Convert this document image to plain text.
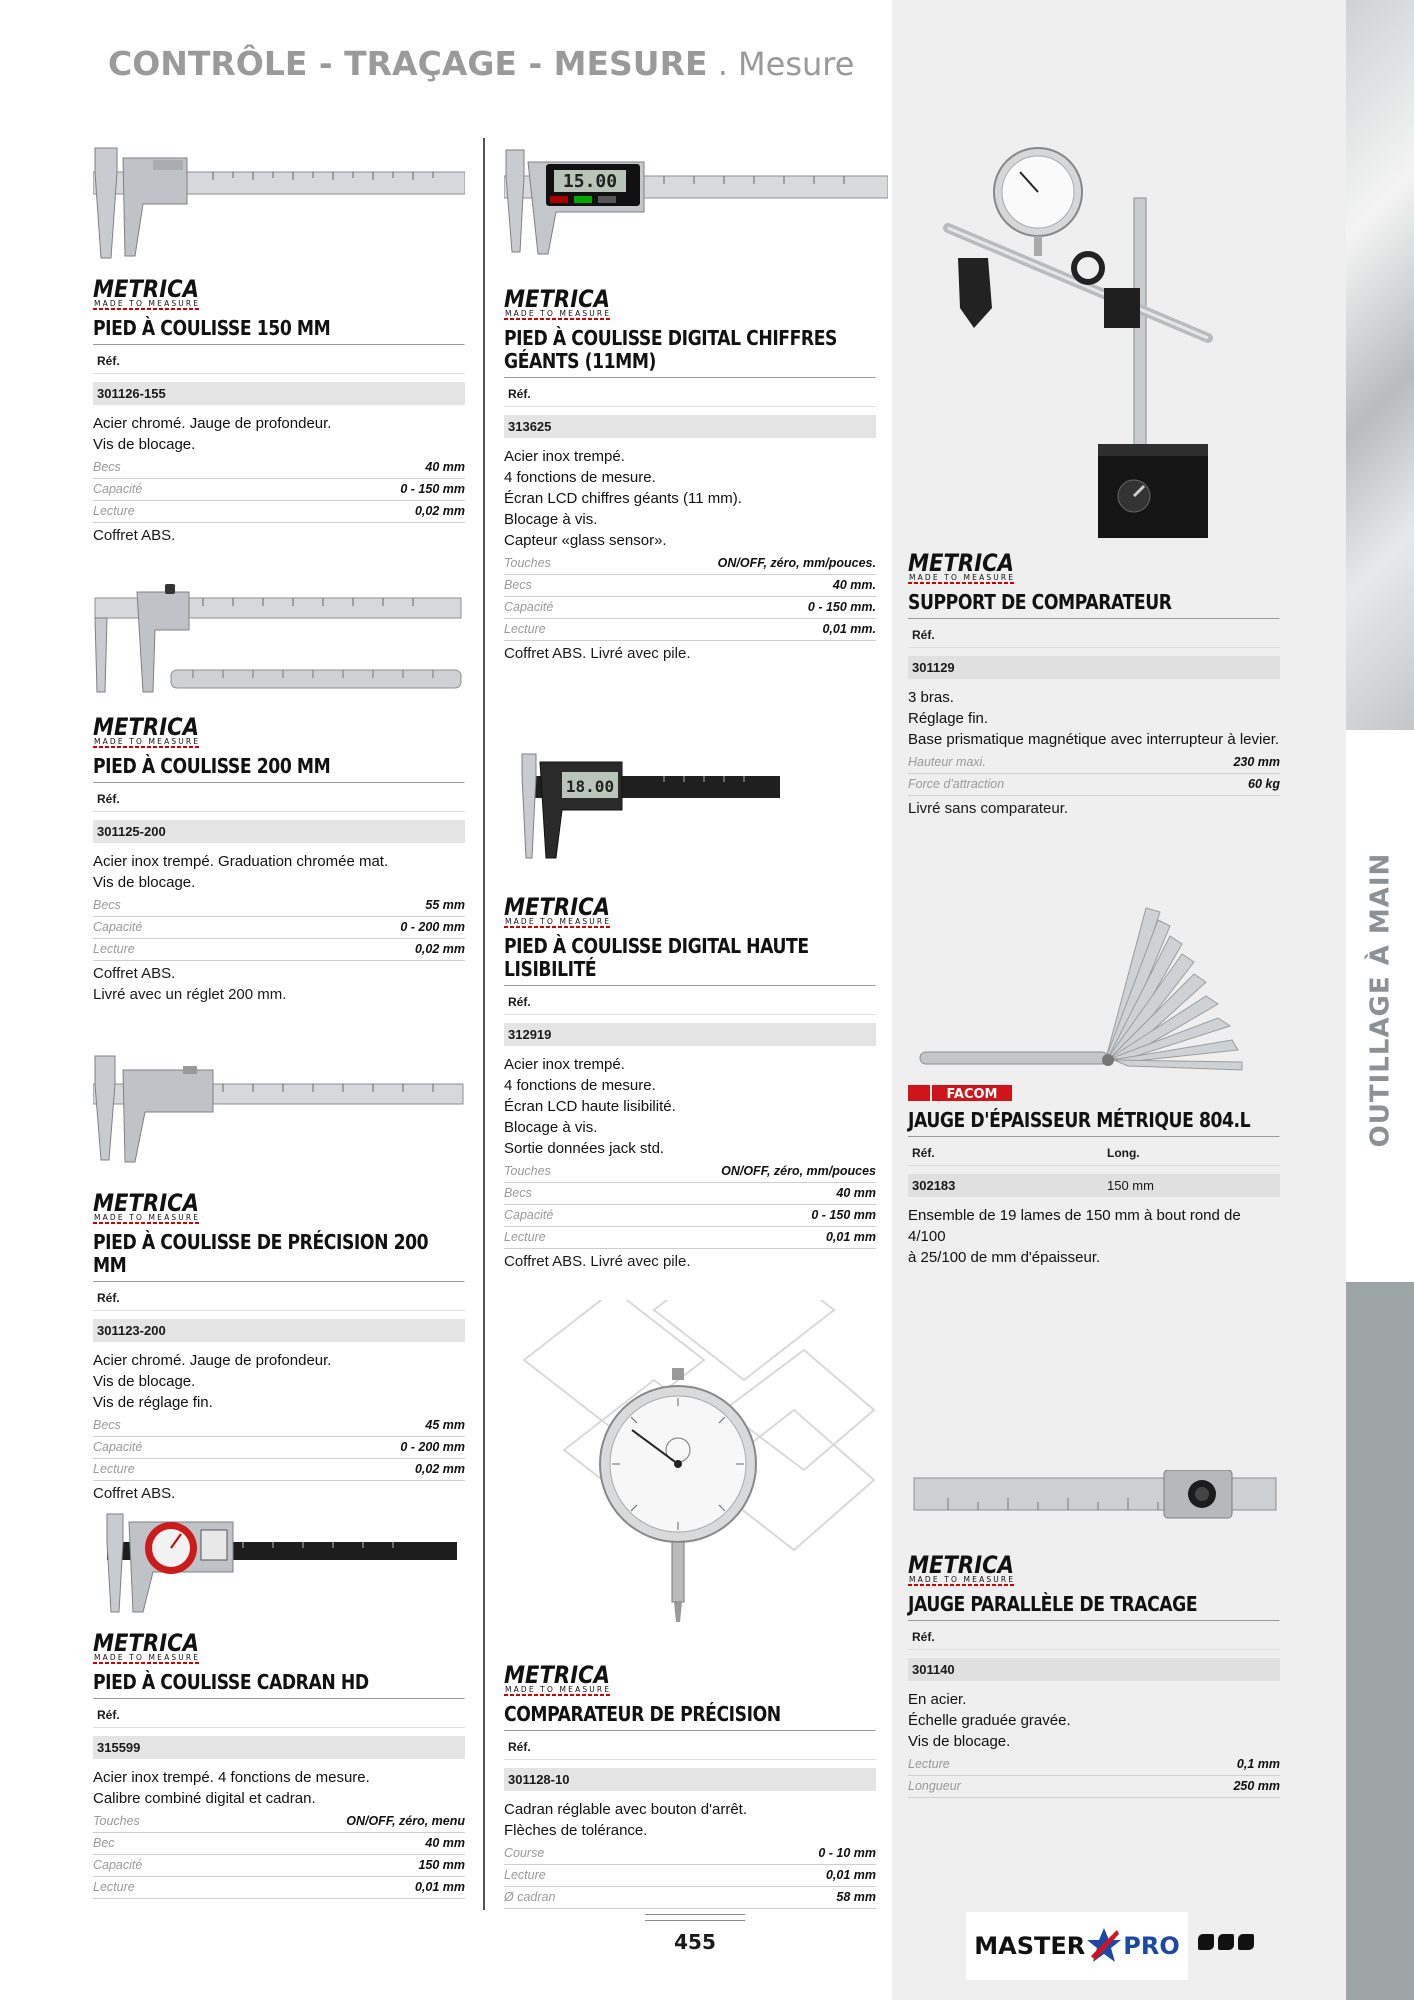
OUTILLAGE À MAIN
CONTRÔLE - TRAÇAGE - MESURE . Mesure
PIED À COULISSE 150 MM
Réf.
301126-155
Acier chromé. Jauge de profondeur.
Vis de blocage.
Becs	40 mm
Capacité	0 - 150 mm
Lecture	0,02 mm
Coffret ABS.
PIED À COULISSE 200 MM
Réf.
301125-200
Acier inox trempé. Graduation chromée mat.
Vis de blocage.
Becs	55 mm
Capacité	0 - 200 mm
Lecture	0,02 mm
Coffret ABS.
Livré avec un réglet 200 mm.
PIED À COULISSE DE PRÉCISION 200 MM
Réf.
301123-200
Acier chromé. Jauge de profondeur.
Vis de blocage.
Vis de réglage fin.
Becs	45 mm
Capacité	0 - 200 mm
Lecture	0,02 mm
Coffret ABS.
PIED À COULISSE CADRAN HD
Réf.
315599
Acier inox trempé. 4 fonctions de mesure.
Calibre combiné digital et cadran.
Touches	ON/OFF, zéro, menu
Bec	40 mm
Capacité	150 mm
Lecture	0,01 mm
15.00
PIED À COULISSE DIGITAL CHIFFRES GÉANTS (11MM)
Réf.
313625
Acier inox trempé.
4 fonctions de mesure.
Écran LCD chiffres géants (11 mm).
Blocage à vis.
Capteur «glass sensor».
Touches	ON/OFF, zéro, mm/pouces.
Becs	40 mm.
Capacité	0 - 150 mm.
Lecture	0,01 mm.
Coffret ABS. Livré avec pile.
18.00
PIED À COULISSE DIGITAL HAUTE LISIBILITÉ
Réf.
312919
Acier inox trempé.
4 fonctions de mesure.
Écran LCD haute lisibilité.
Blocage à vis.
Sortie données jack std.
Touches	ON/OFF, zéro, mm/pouces
Becs	40 mm
Capacité	0 - 150 mm
Lecture	0,01 mm
Coffret ABS. Livré avec pile.
COMPARATEUR DE PRÉCISION
Réf.
301128-10
Cadran réglable avec bouton d'arrêt.
Flèches de tolérance.
Course	0 - 10 mm
Lecture	0,01 mm
Ø cadran	58 mm
SUPPORT DE COMPARATEUR
Réf.
301129
3 bras.
Réglage fin.
Base prismatique magnétique avec interrupteur à levier.
Hauteur maxi.	230 mm
Force d'attraction	60 kg
Livré sans comparateur.
FACOM
JAUGE D'ÉPAISSEUR MÉTRIQUE 804.L
Réf.	Long.
302183	150 mm
Ensemble de 19 lames de 150 mm à bout rond de 4/100
à 25/100 de mm d'épaisseur.
JAUGE PARALLÈLE DE TRACAGE
Réf.
301140
En acier.
Échelle graduée gravée.
Vis de blocage.
Lecture	0,1 mm
Longueur	250 mm
455	MASTER PRO
